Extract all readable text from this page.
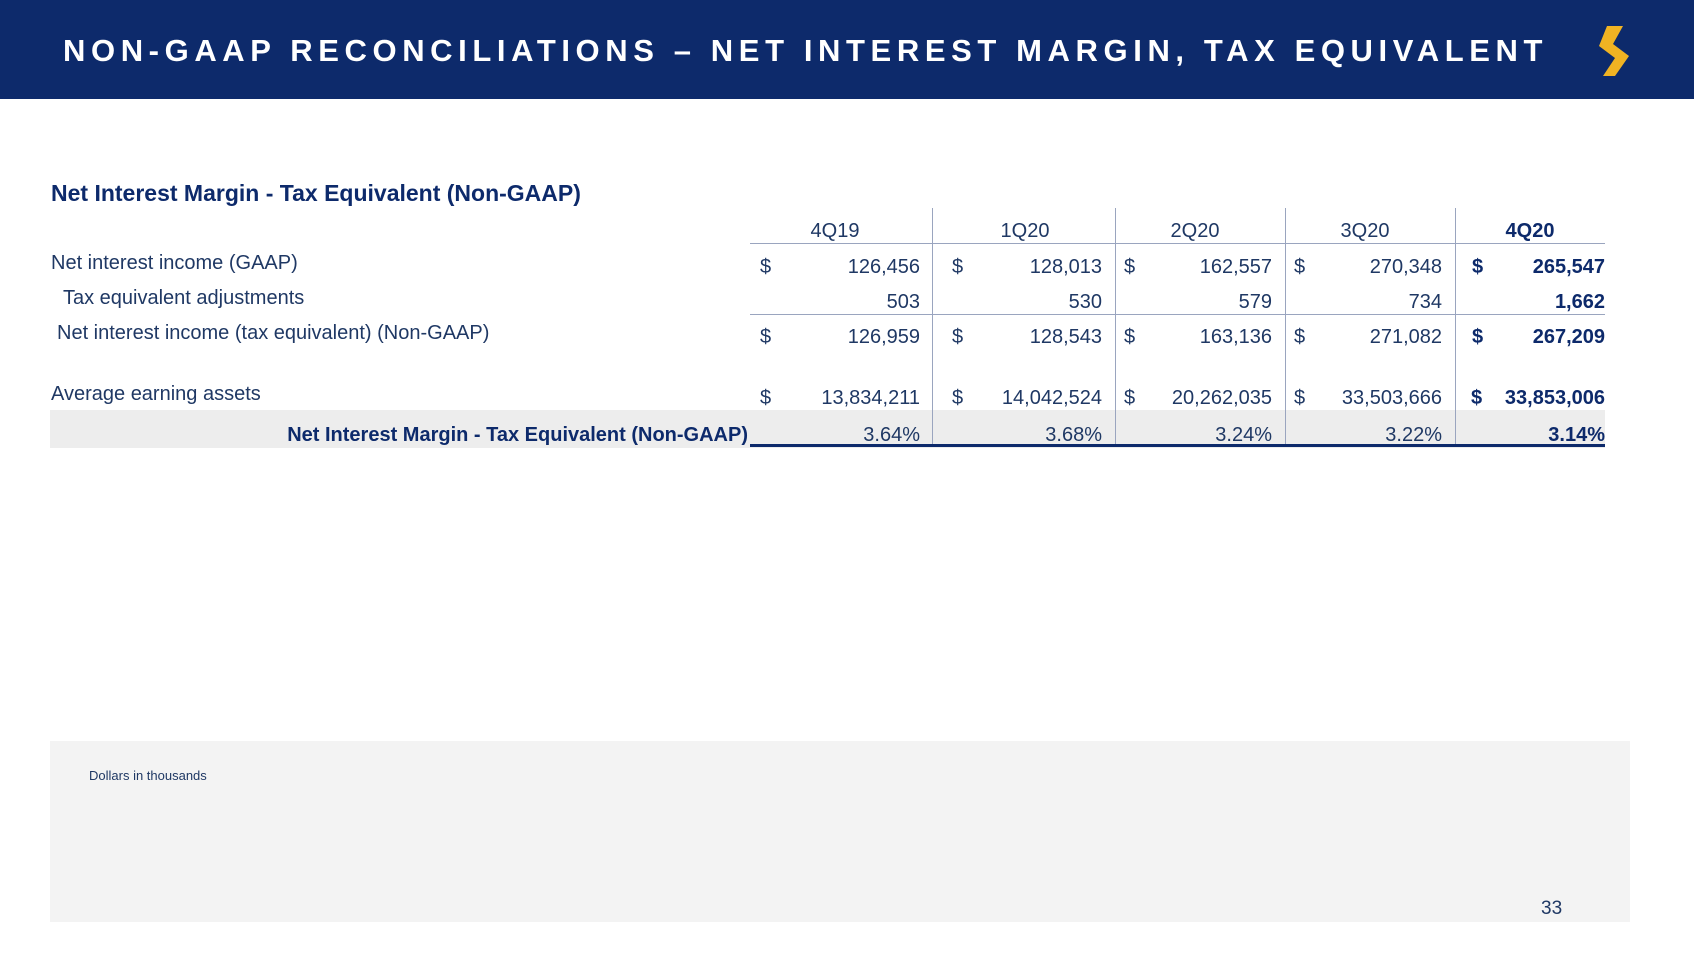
NON-GAAP RECONCILIATIONS – NET INTEREST MARGIN, TAX EQUIVALENT
Net Interest Margin - Tax Equivalent (Non-GAAP)
4Q19	1Q20	2Q20	3Q20	4Q20
Net interest income (GAAP)	$	126,456 $	128,013 $	162,557 $	270,348 $	265,547
Tax equivalent adjustments	503	530	579	734	1,662
Net interest income (tax equivalent) (Non-GAAP)	$	126,959 $	128,543 $	163,136 $	271,082 $	267,209
Average earning assets	$	13,834,211 $	14,042,524 $	20,262,035 $	33,503,666 $	33,853,006
Net Interest Margin - Tax Equivalent (Non-GAAP)	3.64%	3.68%	3.24%	3.22%	3.14%
Dollars in thousands
33
